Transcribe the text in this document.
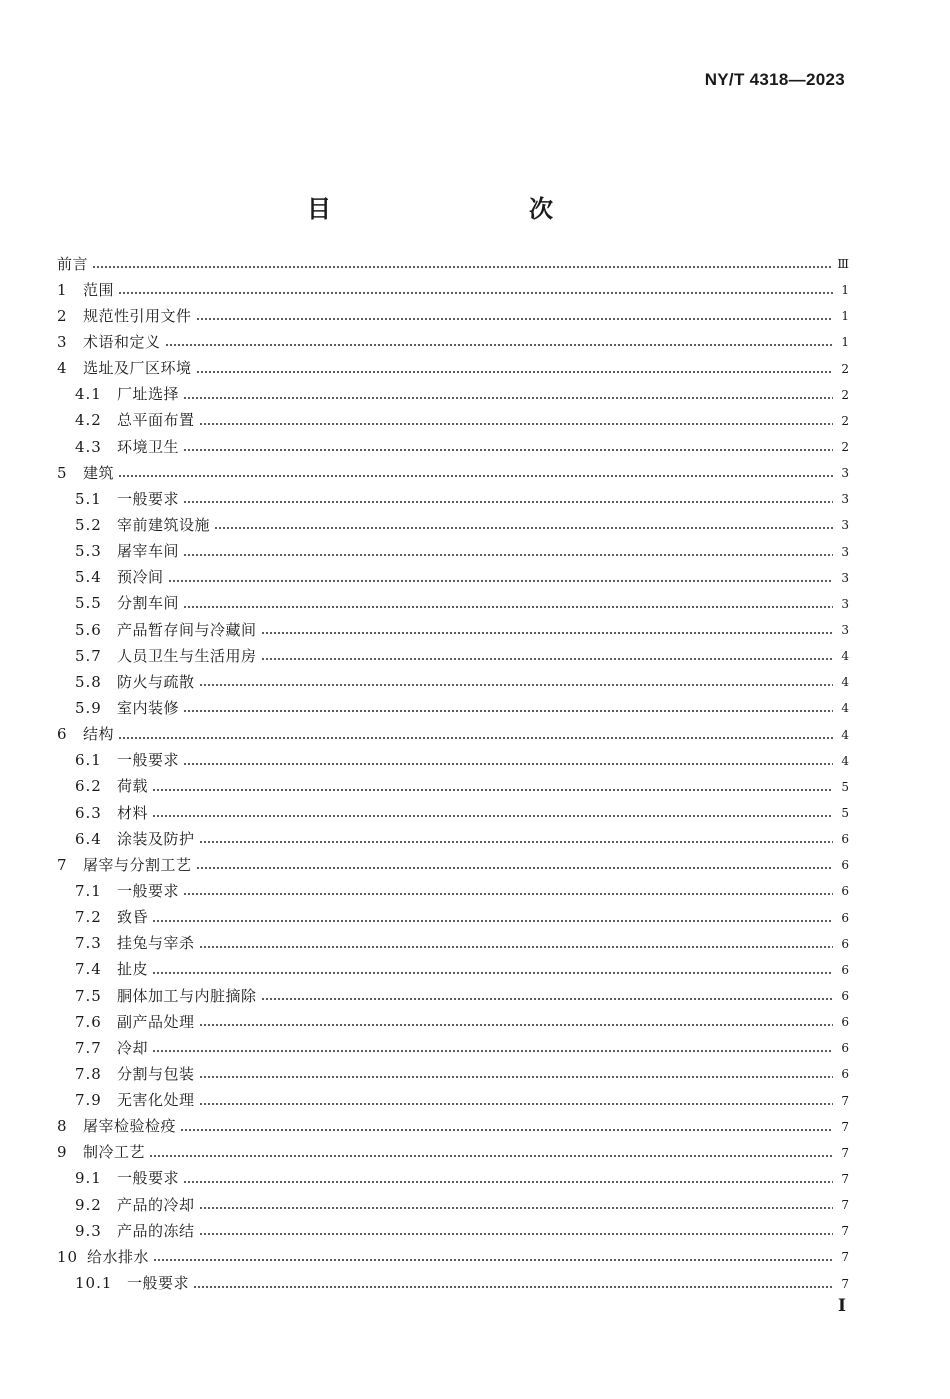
NY/T 4318—2023
目　　次
前言	Ⅲ
1	范围	1
2	规范性引用文件	1
3	术语和定义	1
4	选址及厂区环境	2
4.1	厂址选择	2
4.2	总平面布置	2
4.3	环境卫生	2
5	建筑	3
5.1	一般要求	3
5.2	宰前建筑设施	3
5.3	屠宰车间	3
5.4	预冷间	3
5.5	分割车间	3
5.6	产品暂存间与冷藏间	3
5.7	人员卫生与生活用房	4
5.8	防火与疏散	4
5.9	室内装修	4
6	结构	4
6.1	一般要求	4
6.2	荷载	5
6.3	材料	5
6.4	涂装及防护	6
7	屠宰与分割工艺	6
7.1	一般要求	6
7.2	致昏	6
7.3	挂兔与宰杀	6
7.4	扯皮	6
7.5	胴体加工与内脏摘除	6
7.6	副产品处理	6
7.7	冷却	6
7.8	分割与包装	6
7.9	无害化处理	7
8	屠宰检验检疫	7
9	制冷工艺	7
9.1	一般要求	7
9.2	产品的冷却	7
9.3	产品的冻结	7
10 给水排水	7
10.1 一般要求	7
I
